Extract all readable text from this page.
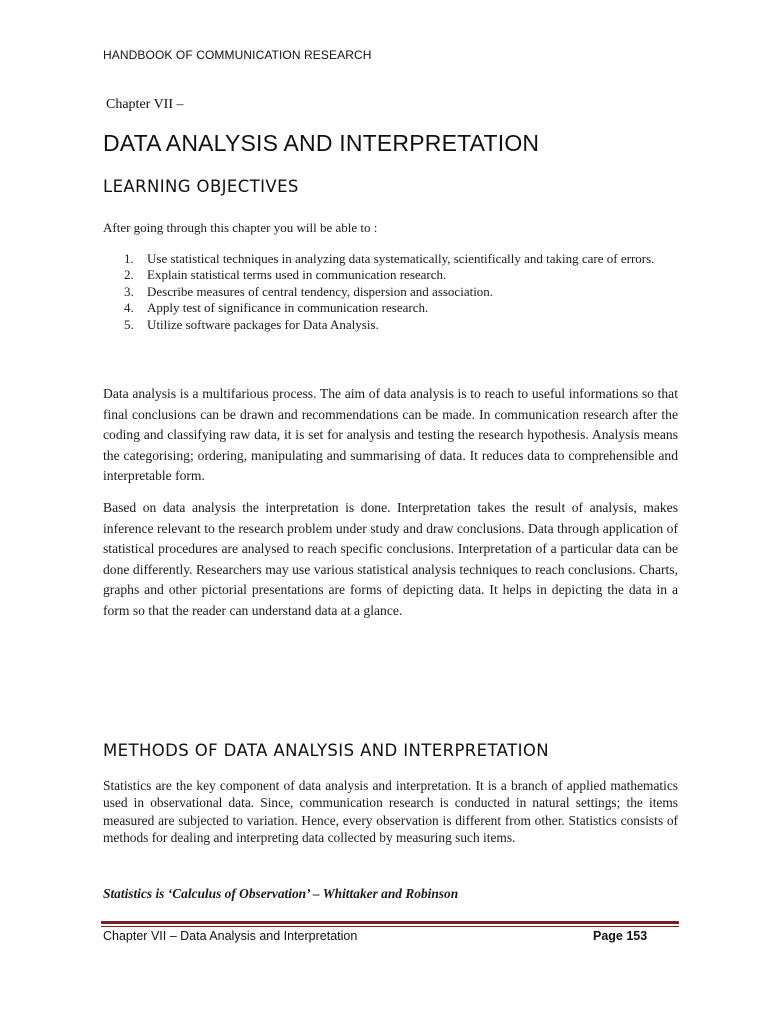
HANDBOOK OF COMMUNICATION RESEARCH
Chapter VII –
DATA ANALYSIS AND INTERPRETATION
LEARNING OBJECTIVES

After going through this chapter you will be able to :

1. Use statistical techniques in analyzing data systematically, scientifically and taking care of errors.
2. Explain statistical terms used in communication research.
3. Describe measures of central tendency, dispersion and association.
4. Apply test of significance in communication research.
5. Utilize software packages for Data Analysis.

Data analysis is a multifarious process. The aim of data analysis is to reach to useful informations so that final conclusions can be drawn and recommendations can be made. In communication research after the coding and classifying raw data, it is set for analysis and testing the research hypothesis. Analysis means the categorising; ordering, manipulating and summarising of data. It reduces data to comprehensible and interpretable form.

Based on data analysis the interpretation is done. Interpretation takes the result of analysis, makes inference relevant to the research problem under study and draw conclusions. Data through application of statistical procedures are analysed to reach specific conclusions. Interpretation of a particular data can be done differently. Researchers may use various statistical analysis techniques to reach conclusions. Charts, graphs and other pictorial presentations are forms of depicting data. It helps in depicting the data in a form so that the reader can understand data at a glance.

METHODS OF DATA ANALYSIS AND INTERPRETATION

Statistics are the key component of data analysis and interpretation. It is a branch of applied mathematics used in observational data. Since, communication research is conducted in natural settings; the items measured are subjected to variation. Hence, every observation is different from other. Statistics consists of methods for dealing and interpreting data collected by measuring such items.

Statistics is ‘Calculus of Observation’ – Whittaker and Robinson

Chapter VII – Data Analysis and Interpretation	Page 153
